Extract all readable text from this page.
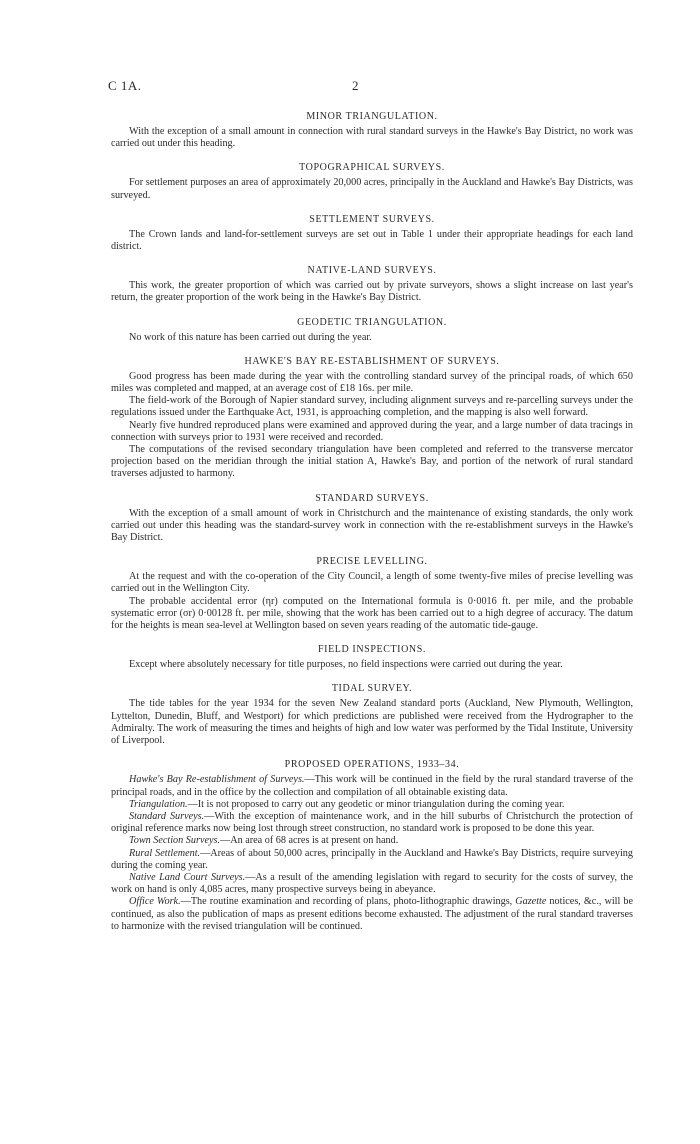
C 1A.	2
MINOR TRIANGULATION.

With the exception of a small amount in connection with rural standard surveys in the Hawke's Bay District, no work was carried out under this heading.

TOPOGRAPHICAL SURVEYS.

For settlement purposes an area of approximately 20,000 acres, principally in the Auckland and Hawke's Bay Districts, was surveyed.

SETTLEMENT SURVEYS.

The Crown lands and land-for-settlement surveys are set out in Table 1 under their appropriate headings for each land district.

NATIVE-LAND SURVEYS.

This work, the greater proportion of which was carried out by private surveyors, shows a slight increase on last year's return, the greater proportion of the work being in the Hawke's Bay District.

GEODETIC TRIANGULATION.

No work of this nature has been carried out during the year.

HAWKE'S BAY RE-ESTABLISHMENT OF SURVEYS.

Good progress has been made during the year with the controlling standard survey of the principal roads, of which 650 miles was completed and mapped, at an average cost of £18 16s. per mile.

The field-work of the Borough of Napier standard survey, including alignment surveys and re-parcelling surveys under the regulations issued under the Earthquake Act, 1931, is approaching completion, and the mapping is also well forward.

Nearly five hundred reproduced plans were examined and approved during the year, and a large number of data tracings in connection with surveys prior to 1931 were received and recorded.

The computations of the revised secondary triangulation have been completed and referred to the transverse mercator projection based on the meridian through the initial station A, Hawke's Bay, and portion of the network of rural standard traverses adjusted to harmony.

STANDARD SURVEYS.

With the exception of a small amount of work in Christchurch and the maintenance of existing standards, the only work carried out under this heading was the standard-survey work in connection with the re-establishment surveys in the Hawke's Bay District.

PRECISE LEVELLING.

At the request and with the co-operation of the City Council, a length of some twenty-five miles of precise levelling was carried out in the Wellington City.

The probable accidental error (ηr) computed on the International formula is 0·0016 ft. per mile, and the probable systematic error (σr) 0·00128 ft. per mile, showing that the work has been carried out to a high degree of accuracy. The datum for the heights is mean sea-level at Wellington based on seven years reading of the automatic tide-gauge.

FIELD INSPECTIONS.

Except where absolutely necessary for title purposes, no field inspections were carried out during the year.

TIDAL SURVEY.

The tide tables for the year 1934 for the seven New Zealand standard ports (Auckland, New Plymouth, Wellington, Lyttelton, Dunedin, Bluff, and Westport) for which predictions are published were received from the Hydrographer to the Admiralty. The work of measuring the times and heights of high and low water was performed by the Tidal Institute, University of Liverpool.

PROPOSED OPERATIONS, 1933–34.

Hawke's Bay Re-establishment of Surveys.—This work will be continued in the field by the rural standard traverse of the principal roads, and in the office by the collection and compilation of all obtainable existing data.

Triangulation.—It is not proposed to carry out any geodetic or minor triangulation during the coming year.

Standard Surveys.—With the exception of maintenance work, and in the hill suburbs of Christchurch the protection of original reference marks now being lost through street construction, no standard work is proposed to be done this year.

Town Section Surveys.—An area of 68 acres is at present on hand.

Rural Settlement.—Areas of about 50,000 acres, principally in the Auckland and Hawke's Bay Districts, require surveying during the coming year.

Native Land Court Surveys.—As a result of the amending legislation with regard to security for the costs of survey, the work on hand is only 4,085 acres, many prospective surveys being in abeyance.

Office Work.—The routine examination and recording of plans, photo-lithographic drawings, Gazette notices, &c., will be continued, as also the publication of maps as present editions become exhausted. The adjustment of the rural standard traverses to harmonize with the revised triangulation will be continued.
